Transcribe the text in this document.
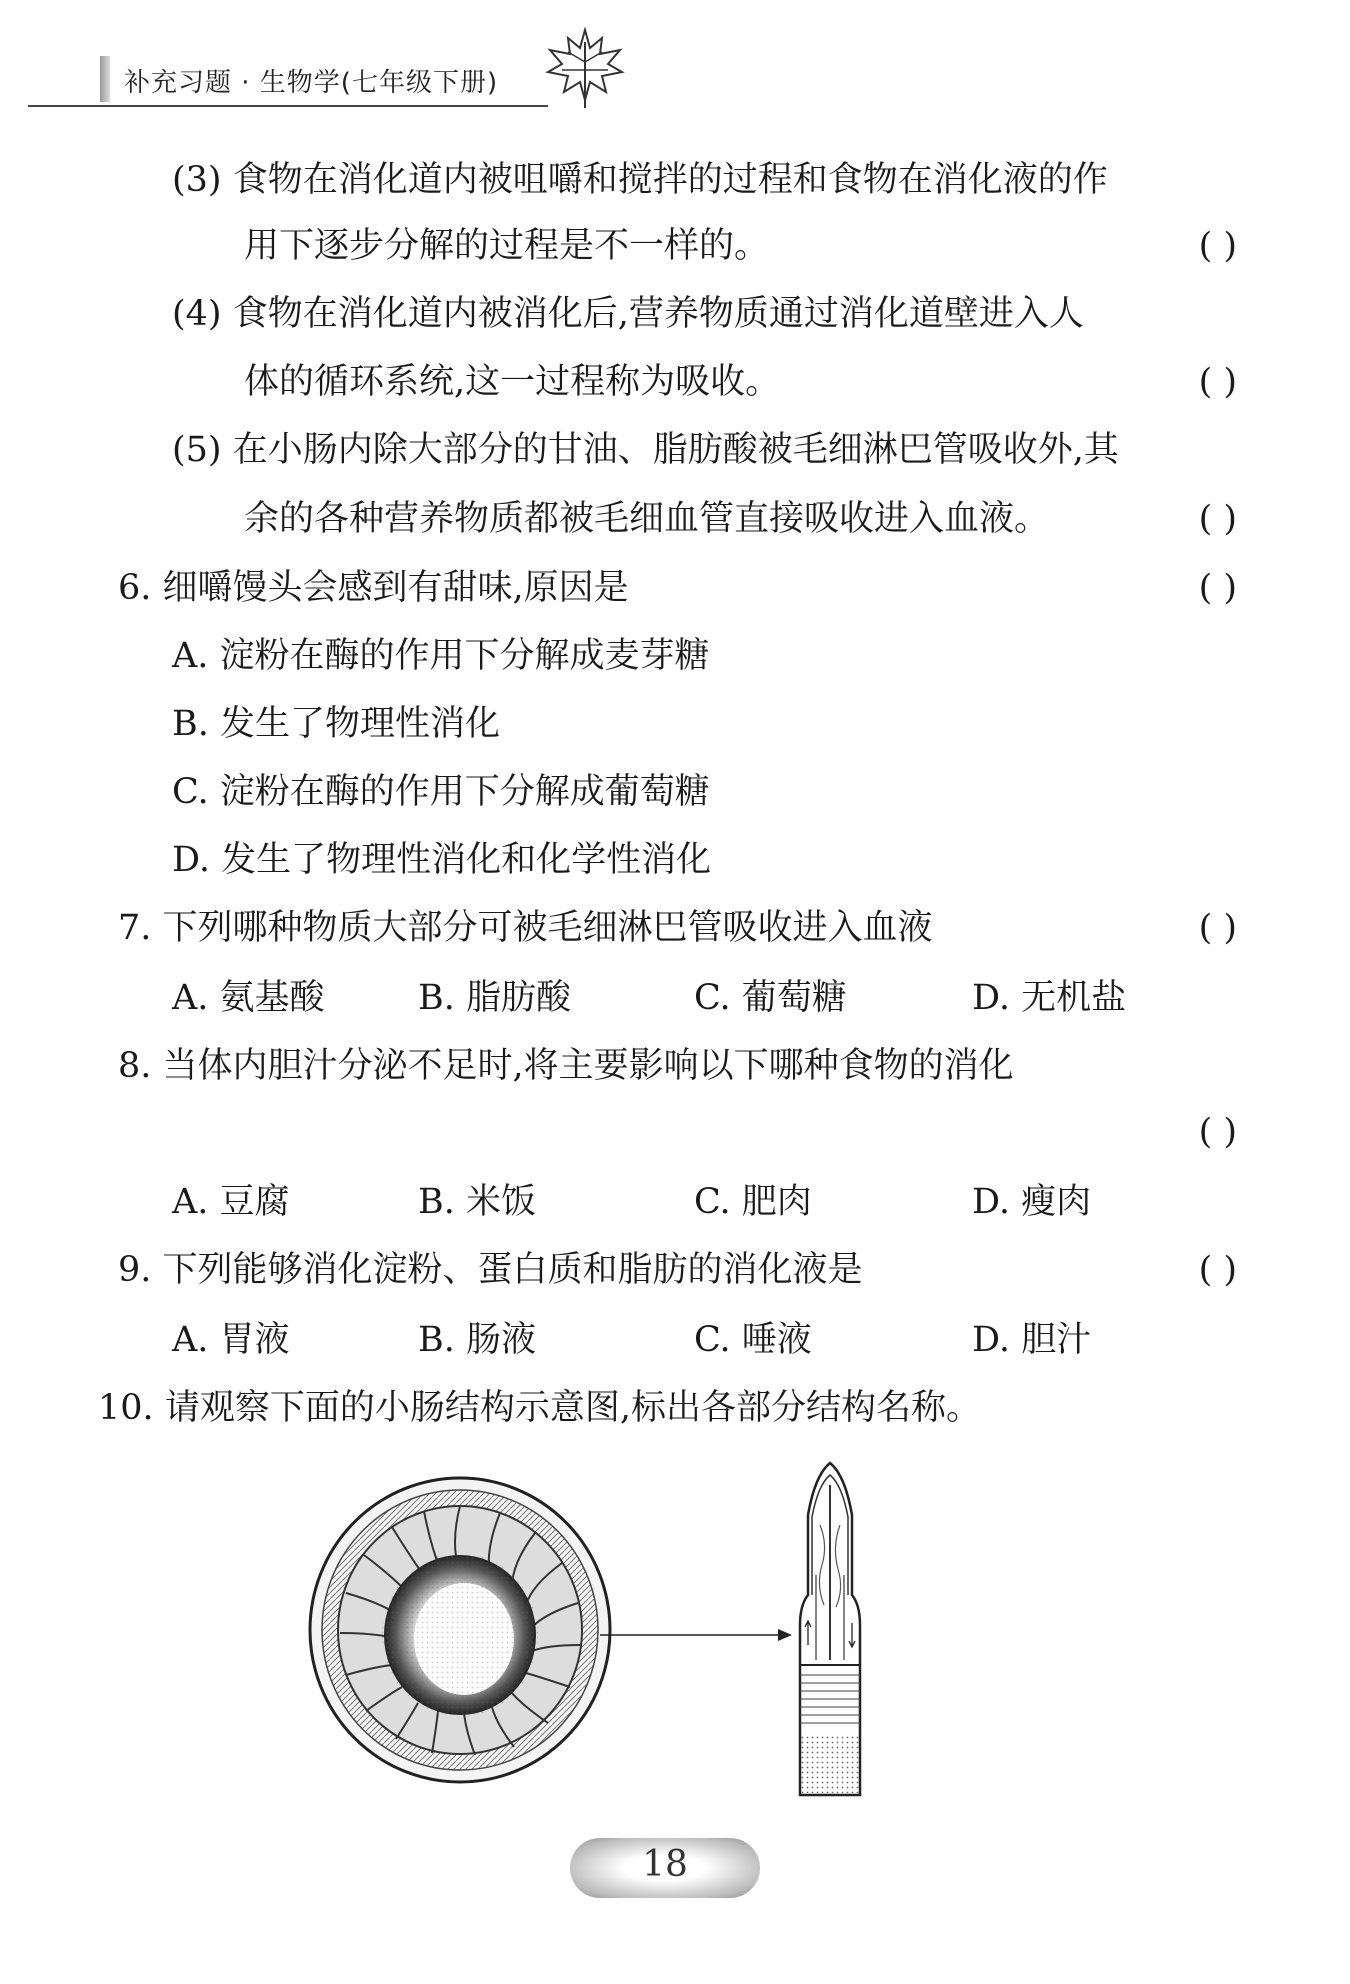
补充习题 · 生物学(七年级下册)
(3) 食物在消化道内被咀嚼和搅拌的过程和食物在消化液的作
用下逐步分解的过程是不一样的。	( )
(4) 食物在消化道内被消化后,营养物质通过消化道壁进入人
体的循环系统,这一过程称为吸收。	( )
(5) 在小肠内除大部分的甘油、脂肪酸被毛细淋巴管吸收外,其
余的各种营养物质都被毛细血管直接吸收进入血液。	( )
6. 细嚼馒头会感到有甜味,原因是	( )
A. 淀粉在酶的作用下分解成麦芽糖
B. 发生了物理性消化
C. 淀粉在酶的作用下分解成葡萄糖
D. 发生了物理性消化和化学性消化
7. 下列哪种物质大部分可被毛细淋巴管吸收进入血液	( )
A. 氨基酸	B. 脂肪酸	C. 葡萄糖	D. 无机盐
8. 当体内胆汁分泌不足时,将主要影响以下哪种食物的消化
( )
A. 豆腐	B. 米饭	C. 肥肉	D. 瘦肉
9. 下列能够消化淀粉、蛋白质和脂肪的消化液是	( )
A. 胃液	B. 肠液	C. 唾液	D. 胆汁
10. 请观察下面的小肠结构示意图,标出各部分结构名称。
18
